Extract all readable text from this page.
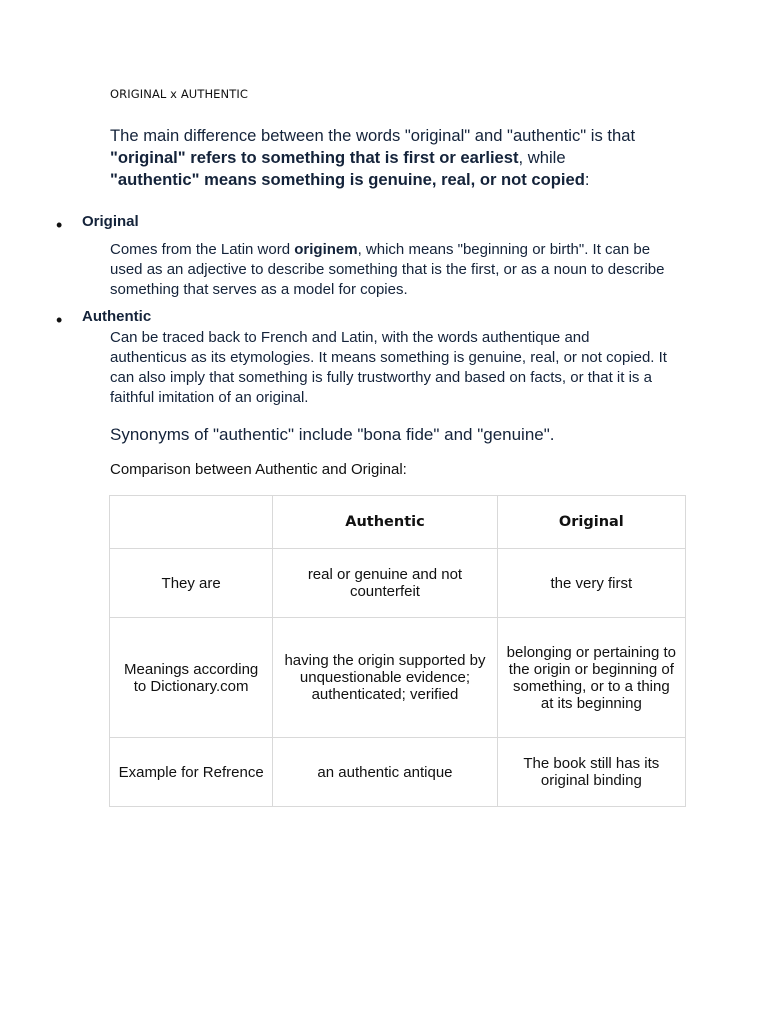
ORIGINAL x AUTHENTIC

The main difference between the words "original" and "authentic" is that "original" refers to something that is first or earliest, while "authentic" means something is genuine, real, or not copied:

• Original

Comes from the Latin word originem, which means "beginning or birth". It can be used as an adjective to describe something that is the first, or as a noun to describe something that serves as a model for copies.

• Authentic

Can be traced back to French and Latin, with the words authentique and authenticus as its etymologies. It means something is genuine, real, or not copied. It can also imply that something is fully trustworthy and based on facts, or that it is a faithful imitation of an original.

Synonyms of "authentic" include "bona fide" and "genuine".
Comparison between Authentic and Original:
	Authentic	Original
They are	real or genuine and not counterfeit	the very first
Meanings according to Dictionary.com	having the origin supported by unquestionable evidence; authenticated; verified	belonging or pertaining to the origin or beginning of something, or to a thing at its beginning
Example for Refrence	an authentic antique	The book still has its original binding
